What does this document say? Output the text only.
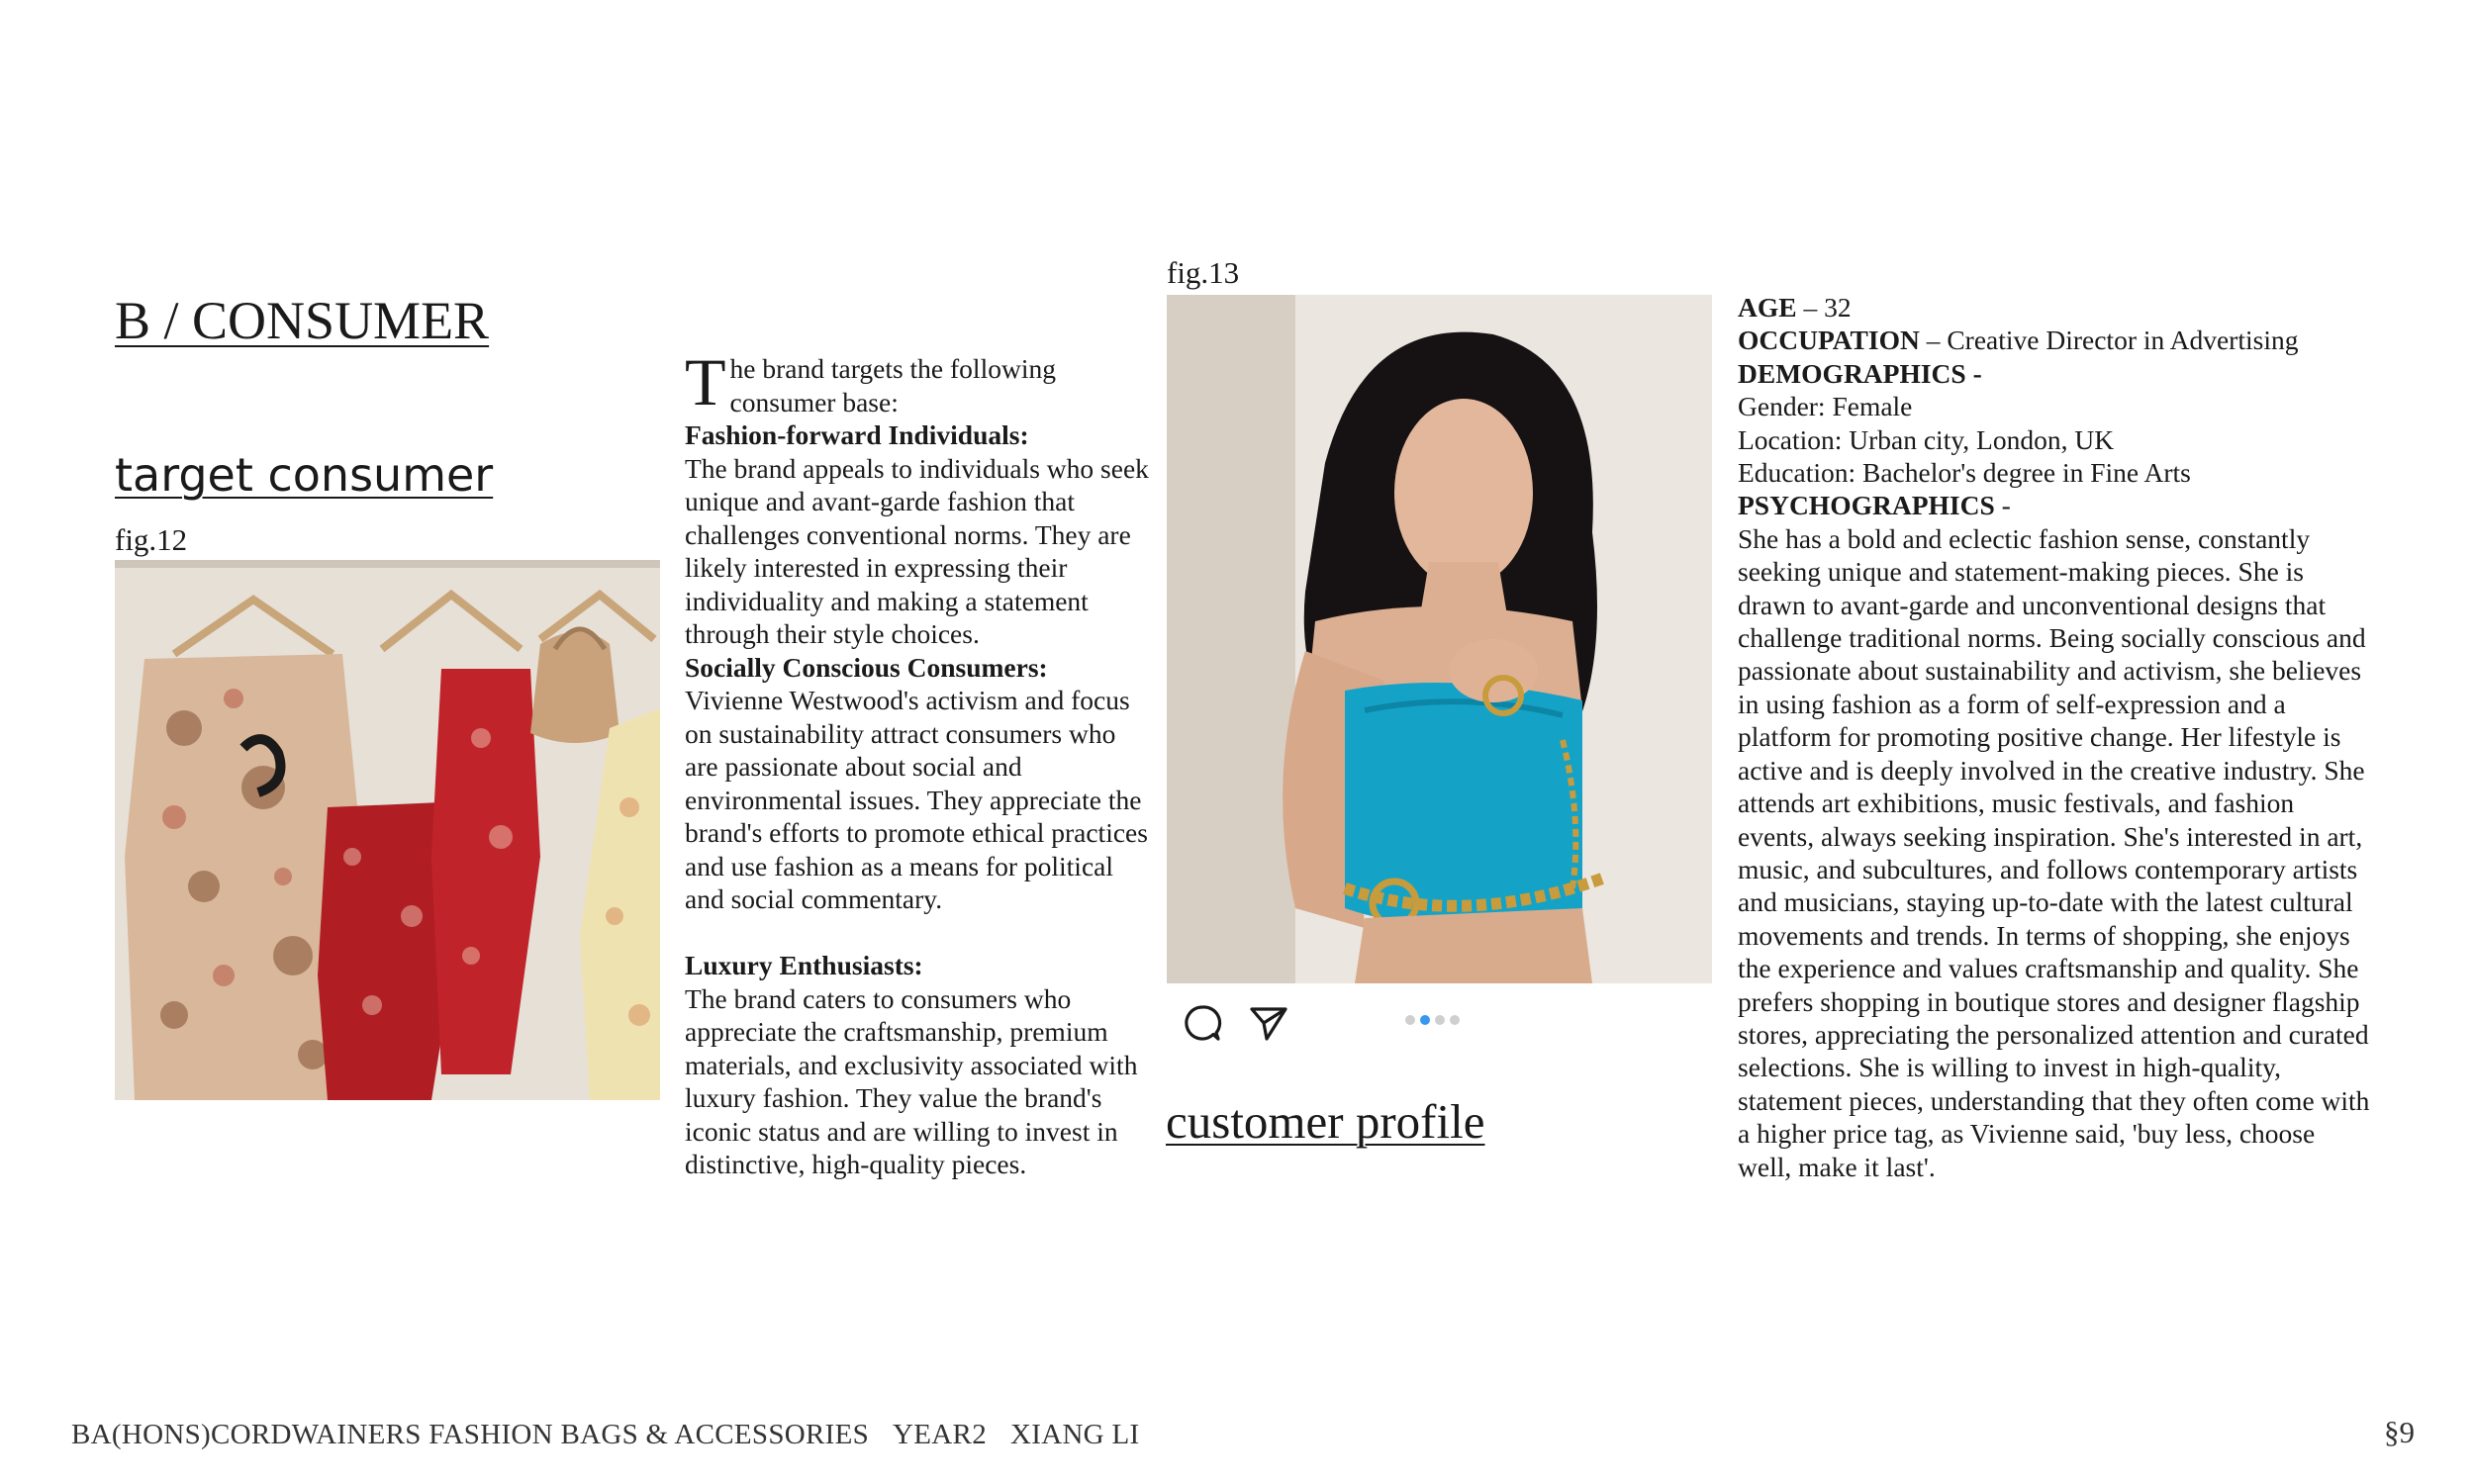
B / CONSUMER
target consumer
fig.12

The brand targets the following consumer base:

Fashion-forward Individuals:

The brand appeals to individuals who seek unique and avant-garde fashion that challenges conventional norms. They are likely interested in expressing their individuality and making a statement through their style choices.

Socially Conscious Consumers:

Vivienne Westwood's activism and focus on sustainability attract consumers who are passionate about social and environmental issues. They appreciate the brand's efforts to promote ethical practices and use fashion as a means for political and social commentary.

Luxury Enthusiasts:

The brand caters to consumers who appreciate the craftsmanship, premium materials, and exclusivity associated with luxury fashion. They value the brand's iconic status and are willing to invest in distinctive, high-quality pieces.

fig.13
customer profile

AGE – 32

OCCUPATION – Creative Director in Advertising

DEMOGRAPHICS -

Gender: Female

Location: Urban city, London, UK

Education: Bachelor's degree in Fine Arts

PSYCHOGRAPHICS -

She has a bold and eclectic fashion sense, constantly seeking unique and statement-making pieces. She is drawn to avant-garde and unconventional designs that challenge traditional norms. Being socially conscious and passionate about sustainability and activism, she believes in using fashion as a form of self-expression and a platform for promoting positive change. Her lifestyle is active and is deeply involved in the creative industry. She attends art exhibitions, music festivals, and fashion events, always seeking inspiration. She's interested in art, music, and subcultures, and follows contemporary artists and musicians, staying up-to-date with the latest cultural movements and trends. In terms of shopping, she enjoys the experience and values craftsmanship and quality. She prefers shopping in boutique stores and designer flagship stores, appreciating the personalized attention and curated selections. She is willing to invest in high-quality, statement pieces, understanding that they often come with a higher price tag, as Vivienne said, 'buy less, choose well, make it last'.

BA(HONS)CORDWAINERS FASHION BAGS & ACCESSORIES YEAR2 XIANG LI	§9
